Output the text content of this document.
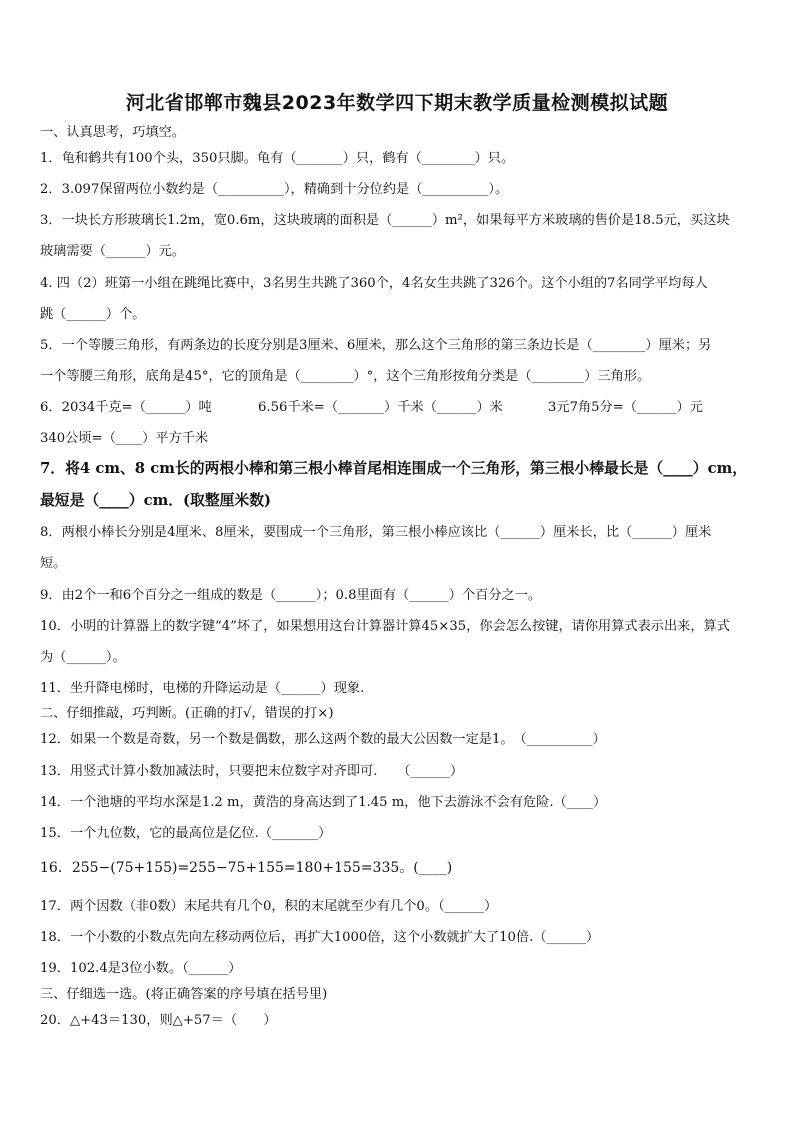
河北省邯郸市魏县2023年数学四下期末教学质量检测模拟试题
一、认真思考，巧填空。
1．龟和鹤共有100个头，350只脚。龟有（_______）只，鹤有（________）只。
2．3.097保留两位小数约是（__________），精确到十分位约是（__________）。
3．一块长方形玻璃长1.2m，宽0.6m，这块玻璃的面积是（______）m²，如果每平方米玻璃的售价是18.5元，买这块
玻璃需要（______）元。
4. 四（2）班第一小组在跳绳比赛中，3名男生共跳了360个，4名女生共跳了326个。这个小组的7名同学平均每人
跳（______）个。
5．一个等腰三角形，有两条边的长度分别是3厘米、6厘米，那么这个三角形的第三条边长是（________）厘米；另
一个等腰三角形，底角是45°，它的顶角是（________）°，这个三角形按角分类是（________）三角形。
6．2034千克=（______）吨	6.56千米=（_______）千米（______）米	3元7角5分=（______）元
340公顷=（____）平方千米
7．将4 cm、8 cm长的两根小棒和第三根小棒首尾相连围成一个三角形，第三根小棒最长是（____）cm，
最短是（____）cm．(取整厘米数)
8．两根小棒长分别是4厘米、8厘米，要围成一个三角形，第三根小棒应该比（______）厘米长，比（______）厘米
短。
9．由2个一和6个百分之一组成的数是（______）；0.8里面有（______）个百分之一。
10．小明的计算器上的数字键“4”坏了，如果想用这台计算器计算45×35，你会怎么按键，请你用算式表示出来，算式
为（______）。
11．坐升降电梯时，电梯的升降运动是（______）现象.
二、仔细推敲，巧判断。(正确的打√，错误的打×)
12．如果一个数是奇数，另一个数是偶数，那么这两个数的最大公因数一定是1。　（__________）
13．用竖式计算小数加减法时，只要把末位数字对齐即可.　　（______）
14．一个池塘的平均水深是1.2 m，黄浩的身高达到了1.45 m，他下去游泳不会有危险.（____）
15．一个九位数，它的最高位是亿位.（_______）
16．255−(75+155)=255−75+155=180+155=335。(____)
17．两个因数（非0数）末尾共有几个0，积的末尾就至少有几个0。（______）
18．一个小数的小数点先向左移动两位后，再扩大1000倍，这个小数就扩大了10倍.（______）
19．102.4是3位小数。（______）
三、仔细选一选。(将正确答案的序号填在括号里)
20．△+43＝130，则△+57＝（　　）
